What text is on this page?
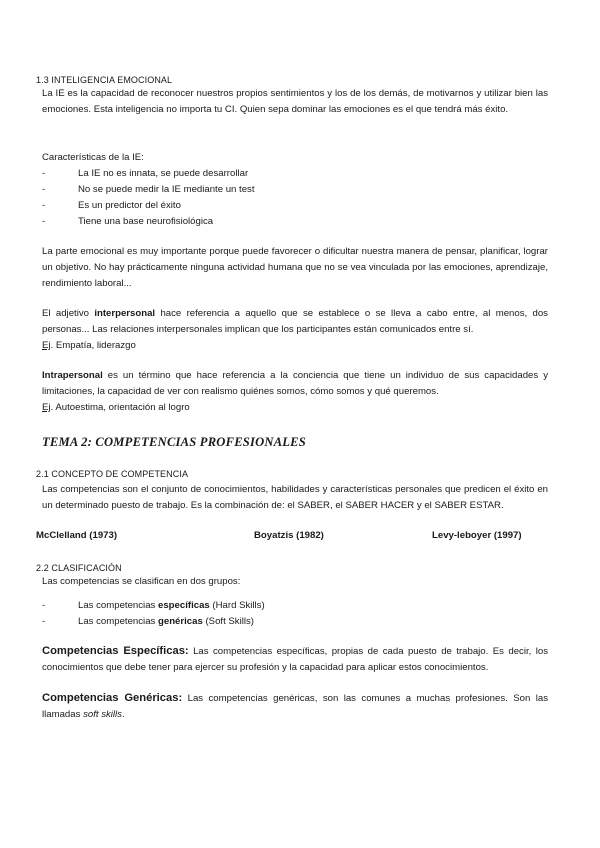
1.3 INTELIGENCIA EMOCIONAL
La IE es la capacidad de reconocer nuestros propios sentimientos y los de los demás, de motivarnos y utilizar bien las emociones. Esta inteligencia no importa tu CI. Quien sepa dominar las emociones es el que tendrá más éxito.
Características de la IE:
-	La IE no es innata, se puede desarrollar
-	No se puede medir la IE mediante un test
-	Es un predictor del éxito
-	Tiene una base neurofisiológica
La parte emocional es muy importante porque puede favorecer o dificultar nuestra manera de pensar, planificar, lograr un objetivo. No hay prácticamente ninguna actividad humana que no se vea vinculada por las emociones, aprendizaje, rendimiento laboral...
El adjetivo interpersonal hace referencia a aquello que se establece o se lleva a cabo entre, al menos, dos personas... Las relaciones interpersonales implican que los participantes están comunicados entre sí.
Ej. Empatía, liderazgo
Intrapersonal es un término que hace referencia a la conciencia que tiene un individuo de sus capacidades y limitaciones, la capacidad de ver con realismo quiénes somos, cómo somos y qué queremos.
Ej. Autoestima, orientación al logro
TEMA 2: COMPETENCIAS PROFESIONALES
2.1 CONCEPTO DE COMPETENCIA
Las competencias son el conjunto de conocimientos, habilidades y características personales que predicen el éxito en un determinado puesto de trabajo. Es la combinación de: el SABER, el SABER HACER y el SABER ESTAR.
McClelland (1973)	Boyatzis (1982)	Levy-leboyer (1997)
2.2 CLASIFICACIÓN
Las competencias se clasifican en dos grupos:
-	Las competencias específicas (Hard Skills)
-	Las competencias genéricas (Soft Skills)
Competencias Específicas: Las competencias específicas, propias de cada puesto de trabajo. Es decir, los conocimientos que debe tener para ejercer su profesión y la capacidad para aplicar estos conocimientos.
Competencias Genéricas: Las competencias genéricas, son las comunes a muchas profesiones. Son las llamadas soft skills.
